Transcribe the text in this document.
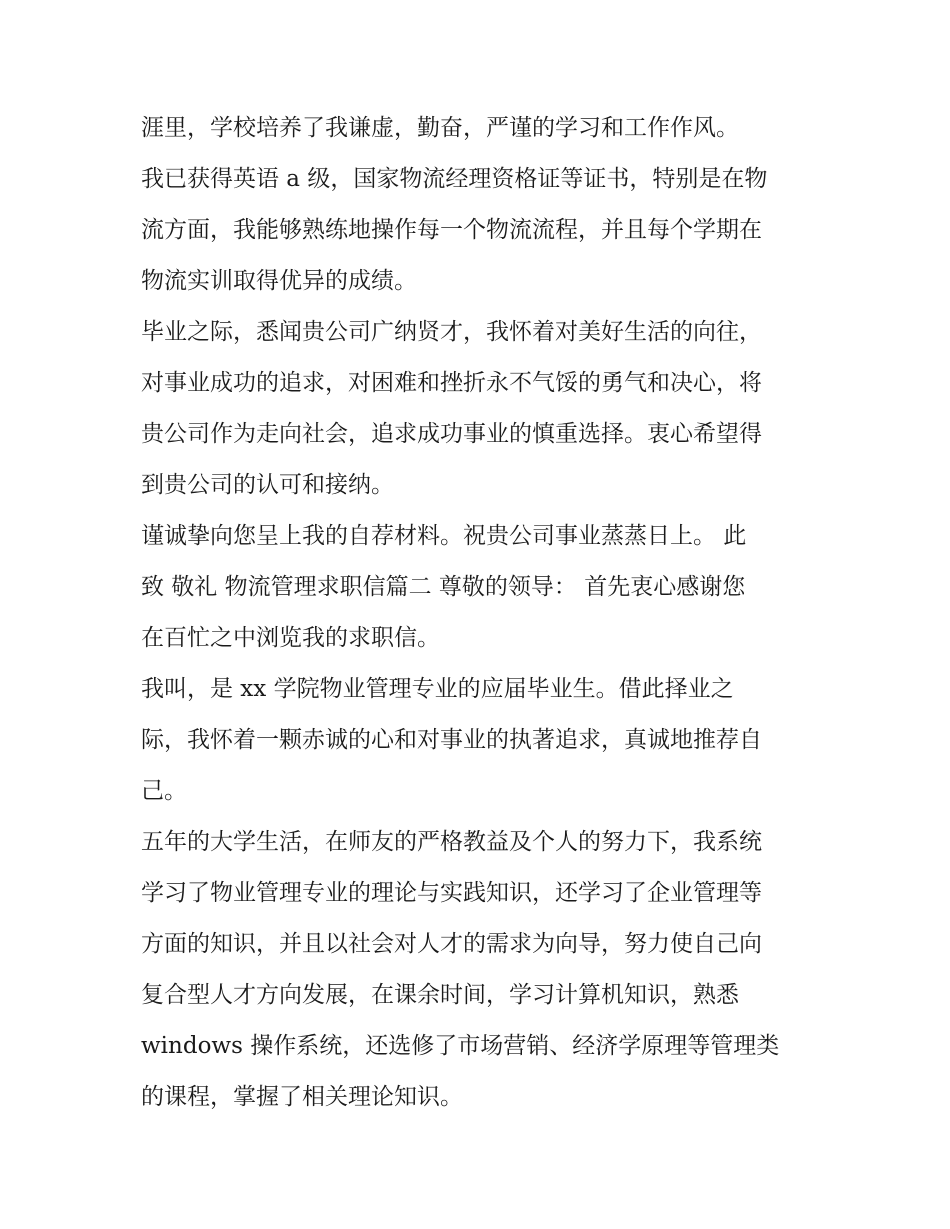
涯里，学校培养了我谦虚，勤奋，严谨的学习和工作作风。
我已获得英语 a 级，国家物流经理资格证等证书，特别是在物
流方面，我能够熟练地操作每一个物流流程，并且每个学期在
物流实训取得优异的成绩。
毕业之际，悉闻贵公司广纳贤才，我怀着对美好生活的向往，
对事业成功的追求，对困难和挫折永不气馁的勇气和决心，将
贵公司作为走向社会，追求成功事业的慎重选择。衷心希望得
到贵公司的认可和接纳。
谨诚挚向您呈上我的自荐材料。祝贵公司事业蒸蒸日上。 此
致 敬礼 物流管理求职信篇二 尊敬的领导： 首先衷心感谢您
在百忙之中浏览我的求职信。
我叫，是 xx 学院物业管理专业的应届毕业生。借此择业之
际，我怀着一颗赤诚的心和对事业的执著追求，真诚地推荐自
己。
五年的大学生活，在师友的严格教益及个人的努力下，我系统
学习了物业管理专业的理论与实践知识，还学习了企业管理等
方面的知识，并且以社会对人才的需求为向导，努力使自己向
复合型人才方向发展，在课余时间，学习计算机知识，熟悉
windows 操作系统，还选修了市场营销、经济学原理等管理类
的课程，掌握了相关理论知识。
